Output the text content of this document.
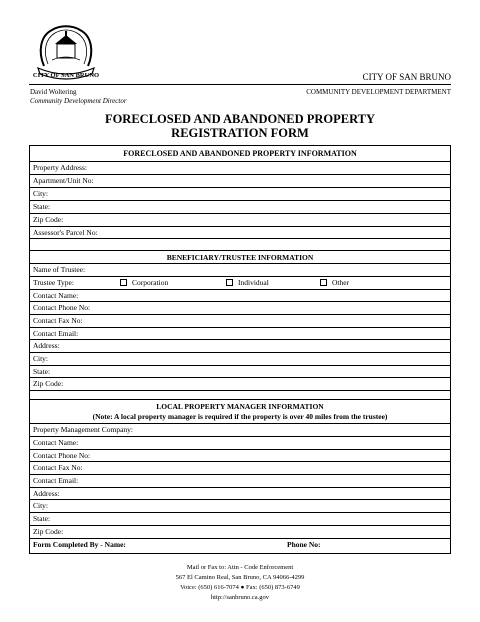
CITY OF SAN BRUNO	CITY OF SAN BRUNO
David Woltering
Community Development Director
COMMUNITY DEVELOPMENT DEPARTMENT
FORECLOSED AND ABANDONED PROPERTY
REGISTRATION FORM
FORECLOSED AND ABANDONED PROPERTY INFORMATION
Property Address:
Apartment/Unit No:
City:
State:
Zip Code:
Assessor's Parcel No:
BENEFICIARY/TRUSTEE INFORMATION
Name of Trustee:
Trustee Type:	Corporation	Individual	Other
Contact Name:
Contact Phone No:
Contact Fax No:
Contact Email:
Address:
City:
State:
Zip Code:
LOCAL PROPERTY MANAGER INFORMATION
(Note: A local property manager is required if the property is over 40 miles from the trustee)
Property Management Company:
Contact Name:
Contact Phone No:
Contact Fax No:
Contact Email:
Address:
City:
State:
Zip Code:
Form Completed By - Name:	Phone No:
Mail or Fax to: Attn - Code Enforcement
567 El Camino Real, San Bruno, CA 94066-4299
Voice: (650) 616-7074 ● Fax: (650) 873-6749
http://sanbruno.ca.gov
